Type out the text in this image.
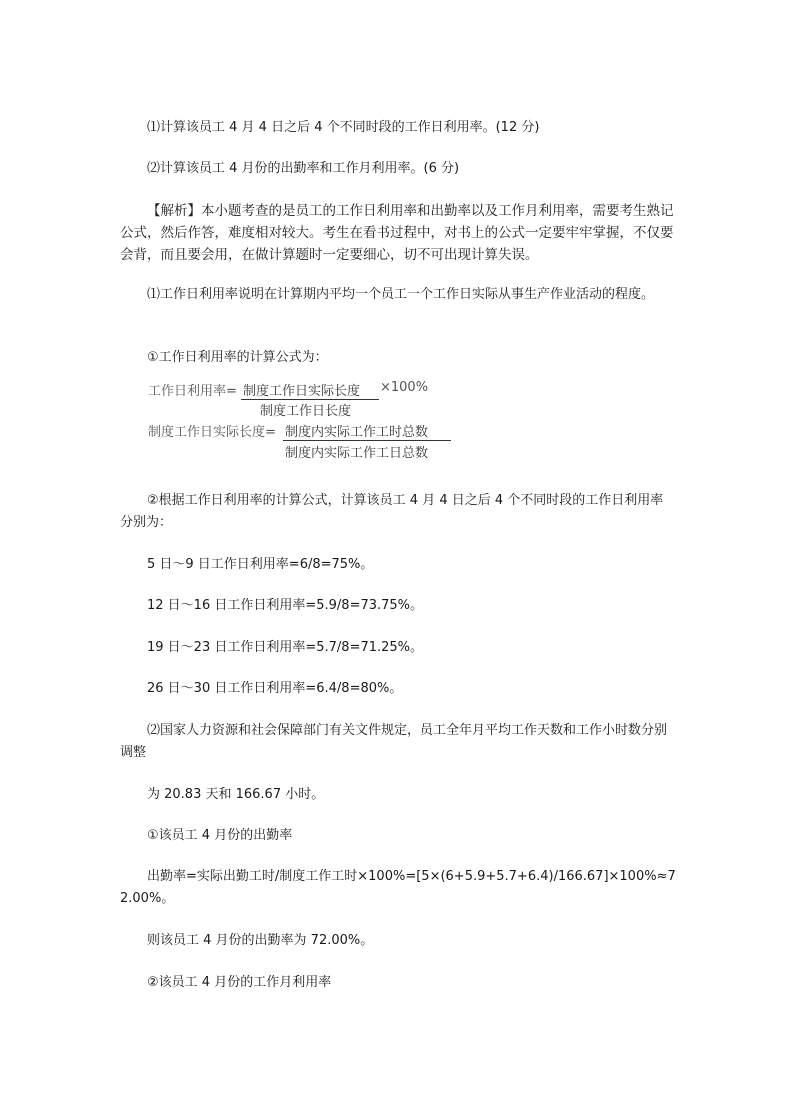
⑴计算该员工 4 月 4 日之后 4 个不同时段的工作日利用率。(12 分)

⑵计算该员工 4 月份的出勤率和工作月利用率。(6 分)

【解析】本小题考查的是员工的工作日利用率和出勤率以及工作月利用率，需要考生熟记公式，然后作答，难度相对较大。考生在看书过程中，对书上的公式一定要牢牢掌握，不仅要会背，而且要会用，在做计算题时一定要细心，切不可出现计算失误。

⑴工作日利用率说明在计算期内平均一个员工一个工作日实际从事生产作业活动的程度。

①工作日利用率的计算公式为：

工作日利用率= 制度工作日实际长度 ×100%
制度工作日长度
制度工作日实际长度= 制度内实际工作工时总数
制度内实际工作工日总数

②根据工作日利用率的计算公式，计算该员工 4 月 4 日之后 4 个不同时段的工作日利用率分别为：

5 日～9 日工作日利用率=6/8=75%。

12 日～16 日工作日利用率=5.9/8=73.75%。

19 日～23 日工作日利用率=5.7/8=71.25%。

26 日～30 日工作日利用率=6.4/8=80%。

⑵国家人力资源和社会保障部门有关文件规定，员工全年月平均工作天数和工作小时数分别调整

为 20.83 天和 166.67 小时。

①该员工 4 月份的出勤率

出勤率=实际出勤工时/制度工作工时×100%=[5×(6+5.9+5.7+6.4)/166.67]×100%≈72.00%。

则该员工 4 月份的出勤率为 72.00%。

②该员工 4 月份的工作月利用率
